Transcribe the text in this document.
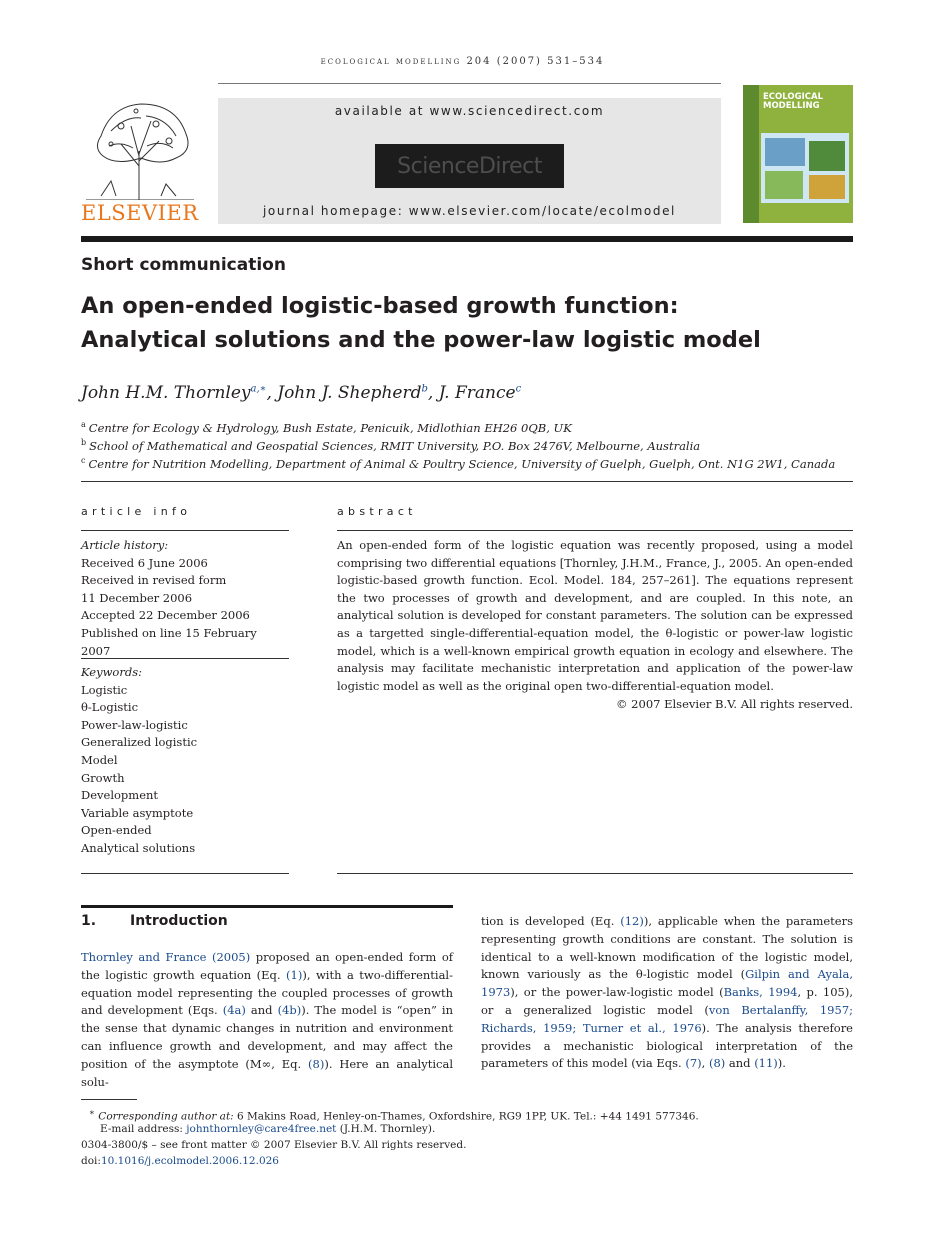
ecological modelling 204 (2007) 531–534
ELSEVIER
available at www.sciencedirect.com
ScienceDirect
journal homepage: www.elsevier.com/locate/ecolmodel
ECOLOGICAL MODELLING
Short communication
An open-ended logistic-based growth function:
Analytical solutions and the power-law logistic model
John H.M. Thornley$^{a,∗}$, John J. Shepherd$^b$, J. France$^c$
$^a$ Centre for Ecology & Hydrology, Bush Estate, Penicuik, Midlothian EH26 0QB, UK
$^b$ School of Mathematical and Geospatial Sciences, RMIT University, P.O. Box 2476V, Melbourne, Australia
$^c$ Centre for Nutrition Modelling, Department of Animal & Poultry Science, University of Guelph, Guelph, Ont. N1G 2W1, Canada
article info
Article history:
Received 6 June 2006
Received in revised form
11 December 2006
Accepted 22 December 2006
Published on line 15 February 2007
Keywords:
Logistic
θ-Logistic
Power-law-logistic
Generalized logistic
Model
Growth
Development
Variable asymptote
Open-ended
Analytical solutions
abstract
An open-ended form of the logistic equation was recently proposed, using a model comprising two differential equations [Thornley, J.H.M., France, J., 2005. An open-ended logistic-based growth function. Ecol. Model. 184, 257–261]. The equations represent the two processes of growth and development, and are coupled. In this note, an analytical solution is developed for constant parameters. The solution can be expressed as a targetted single-differential-equation model, the θ-logistic or power-law logistic model, which is a well-known empirical growth equation in ecology and elsewhere. The analysis may facilitate mechanistic interpretation and application of the power-law logistic model as well as the original open two-differential-equation model.
© 2007 Elsevier B.V. All rights reserved.
1. Introduction
Thornley and France (2005) proposed an open-ended form of the logistic growth equation (Eq. (1)), with a two-differential-equation model representing the coupled processes of growth and development (Eqs. (4a) and (4b)). The model is “open” in the sense that dynamic changes in nutrition and environment can influence growth and development, and may affect the position of the asymptote (M∞, Eq. (8)). Here an analytical solu-
tion is developed (Eq. (12)), applicable when the parameters representing growth conditions are constant. The solution is identical to a well-known modification of the logistic model, known variously as the θ-logistic model (Gilpin and Ayala, 1973), or the power-law-logistic model (Banks, 1994, p. 105), or a generalized logistic model (von Bertalanffy, 1957; Richards, 1959; Turner et al., 1976). The analysis therefore provides a mechanistic biological interpretation of the parameters of this model (via Eqs. (7), (8) and (11)).
∗ Corresponding author at: 6 Makins Road, Henley-on-Thames, Oxfordshire, RG9 1PP, UK. Tel.: +44 1491 577346.
E-mail address: johnthornley@care4free.net (J.H.M. Thornley).
0304-3800/$ – see front matter © 2007 Elsevier B.V. All rights reserved.
doi:10.1016/j.ecolmodel.2006.12.026
